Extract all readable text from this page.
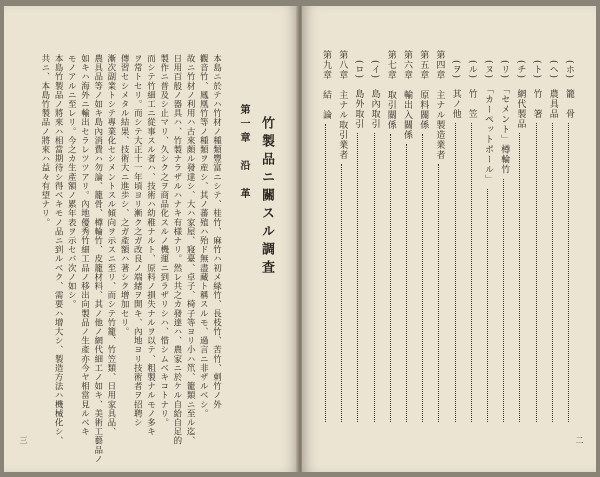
竹製品ニ關スル調査
第一章　沿　革
本島ニ於テハ竹材ノ種類豐富ニシテ、桂竹、麻竹ハ初メ緑竹、長枝竹、苦竹、刺竹ノ外
觀音竹、鳳凰竹等ノ種類ヲ産シ、其ノ蕃殖ハ殆ド無盡藏ト稱スルモ、過言ニ非ザルベシ。
故ニ竹材ノ利用ハ古來頗ル發達シ、大ハ家屋、寢臺、卓子、椅子等ヨリ小ハ笊、籠類ニ至ル迄、
日用百般ノ器具ハ、竹製ナラザルハナキ有様ナリ。然レ共之カ發達ハ、農家ニ於ケル自給自足的
製作ニ普及シ止マリ、久シク之ヲ商品化スルノ機運ニ到ラザリシハ、惜シムベキコトナリ。
而シテ竹細工ニ從事スル者ハ、技術ハ幼稚ナルト、原料ノ損失ナルヲ以テ、粗製ナルモノ多キ
ヲ常トセリ。而シテ大正十一年頃ヨリ漸ク之ガ改良ノ端緒ヲ開キ、內地ヨリ技術者ヲ招聘シ
傳習セシメタル結果、技術大ニ進歩シ、之ガ產額ハ著シク增加セリ。
漸次副業トシテ專業化セシメントスル傾向ヲ示スニ至リ、而シテ竹籠、竹笠類、日用家具品、
農具品等ノ如キ島內消費ハ勿論、籠骨、樽輪竹、皮籠材料、其ノ他ノ網代細工ノ如キ、美術工藝品ノ
如キハ海外ニ輸出セラレツツアリ。內地優秀竹細工品ノ移出向製品ノ生產亦今ヤ相當見ルベキ
モノアルニ至レリ。今之カ生產額ノ累年表ヲ示セバ次ノ如シ。
本島竹製品ノ將來ハ相當期待シ得ベキモノ品ニ到ルベク、需要ハ增大シ、製造方法ハ機械化シ、
共ニ、本島竹製品ノ將來ハ益々有望ナリ。
三
(ホ)　籠　骨
(ヘ)　農具品
(ト)　竹　箸
(チ)　網代製品
(リ)　「セメント」樽輪竹
(ヌ)　「カーペットポール」
(ル)　竹　笠
(ヲ)　其ノ他
第四章　主ナル製造業者
第五章　原料關係
第六章　輸出入關係
第七章　取引關係
(イ)　島內取引
(ロ)　島外取引
第八章　主ナル取引業者
第九章　結　論
二
